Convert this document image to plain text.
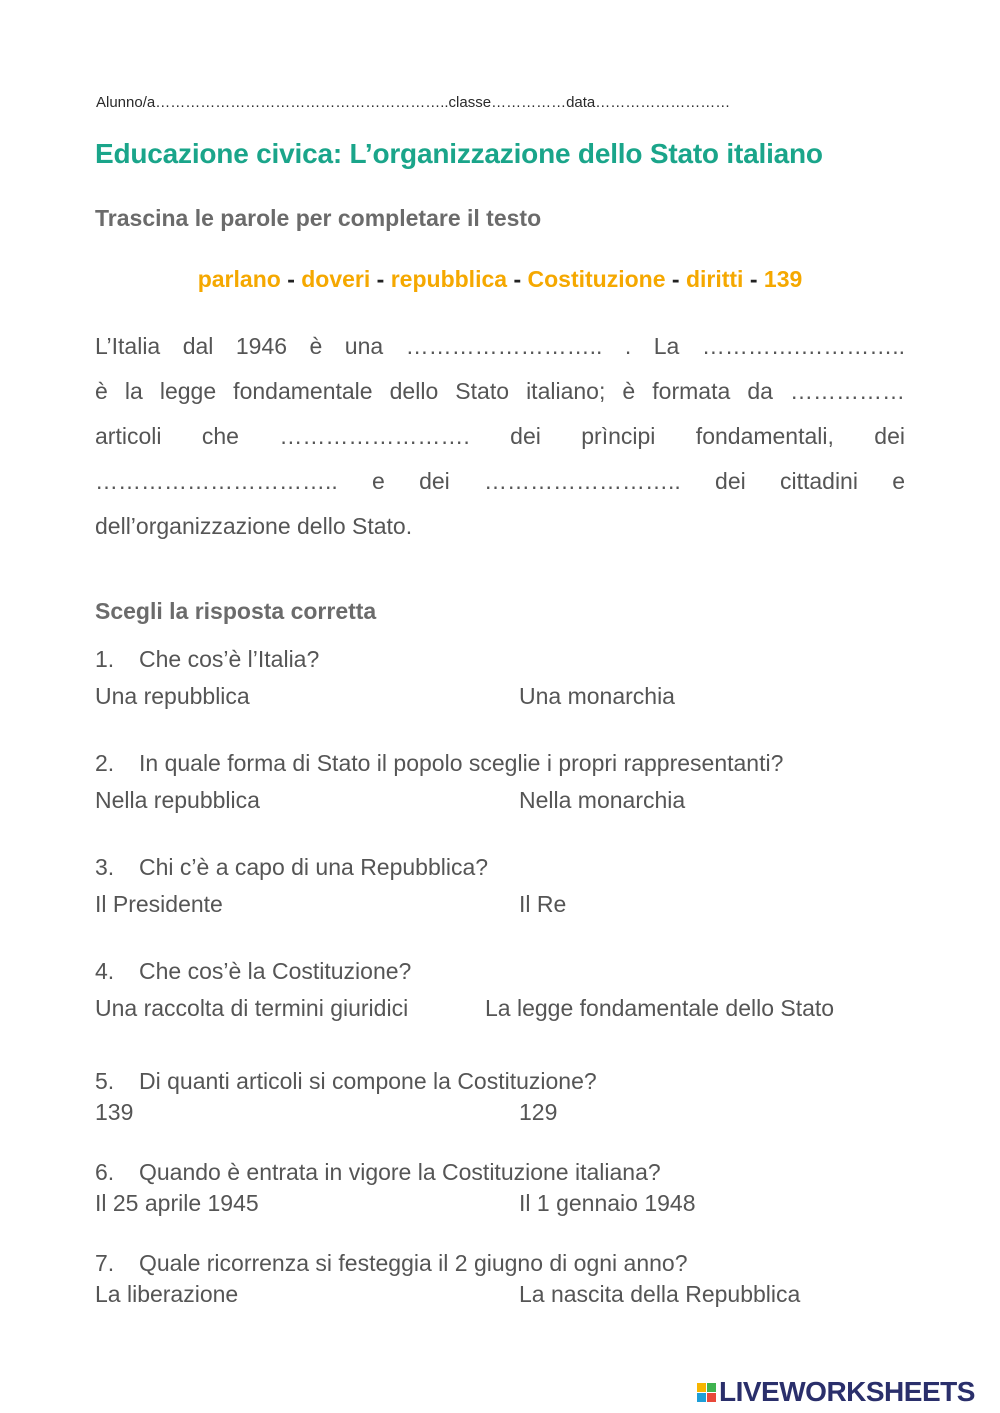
Alunno/a…………………………………………………..classe……………data………………………
Educazione civica: L’organizzazione dello Stato italiano
Trascina le parole per completare il testo
parlano - doveri - repubblica - Costituzione - diritti - 139
L’Italia dal 1946 è una …………………….. . La ………….…………..
è la legge fondamentale dello Stato italiano; è formata da ……………
articoli che ……………………. dei prìncipi fondamentali, dei
………………………….. e dei …………………….. dei cittadini e
dell’organizzazione dello Stato.
Scegli la risposta corretta
1. Che cos’è l’Italia?
Una repubblica	Una monarchia
2. In quale forma di Stato il popolo sceglie i propri rappresentanti?
Nella repubblica	Nella monarchia
3. Chi c’è a capo di una Repubblica?
Il Presidente	Il Re
4. Che cos’è la Costituzione?
Una raccolta di termini giuridici	La legge fondamentale dello Stato
5. Di quanti articoli si compone la Costituzione?
139	129
6. Quando è entrata in vigore la Costituzione italiana?
Il 25 aprile 1945	Il 1 gennaio 1948
7. Quale ricorrenza si festeggia il 2 giugno di ogni anno?
La liberazione	La nascita della Repubblica
LIVEWORKSHEETS
